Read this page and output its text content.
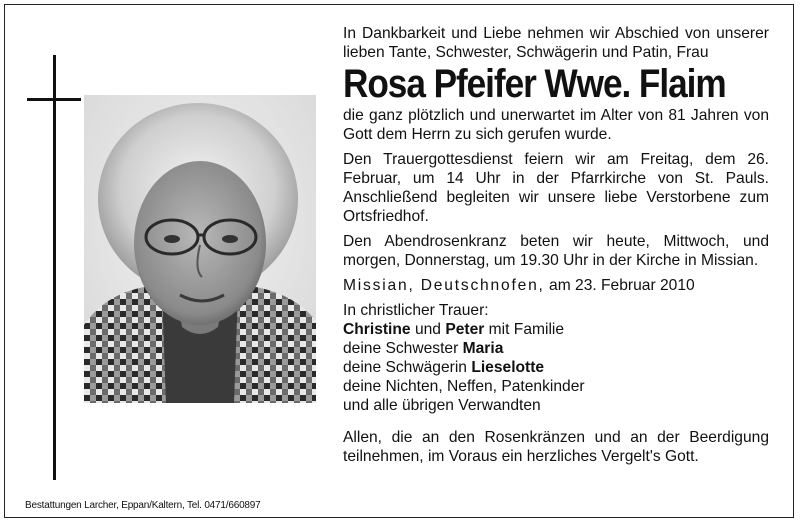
In Dankbarkeit und Liebe nehmen wir Abschied von unserer lieben Tante, Schwester, Schwägerin und Patin, Frau

Rosa Pfeifer Wwe. Flaim

die ganz plötzlich und unerwartet im Alter von 81 Jahren von Gott dem Herrn zu sich gerufen wurde.

Den Trauergottesdienst feiern wir am Freitag, dem 26. Februar, um 14 Uhr in der Pfarrkirche von St. Pauls. Anschließend begleiten wir unsere liebe Verstorbene zum Ortsfriedhof.

Den Abendrosenkranz beten wir heute, Mittwoch, und morgen, Donnerstag, um 19.30 Uhr in der Kirche in Missian.

Missian, Deutschnofen, am 23. Februar 2010

In christlicher Trauer:

Christine und Peter mit Familie

deine Schwester Maria

deine Schwägerin Lieselotte

deine Nichten, Neffen, Patenkinder

und alle übrigen Verwandten

Allen, die an den Rosenkränzen und an der Beerdigung teilnehmen, im Voraus ein herzliches Vergelt's Gott.

Bestattungen Larcher, Eppan/Kaltern, Tel. 0471/660897
